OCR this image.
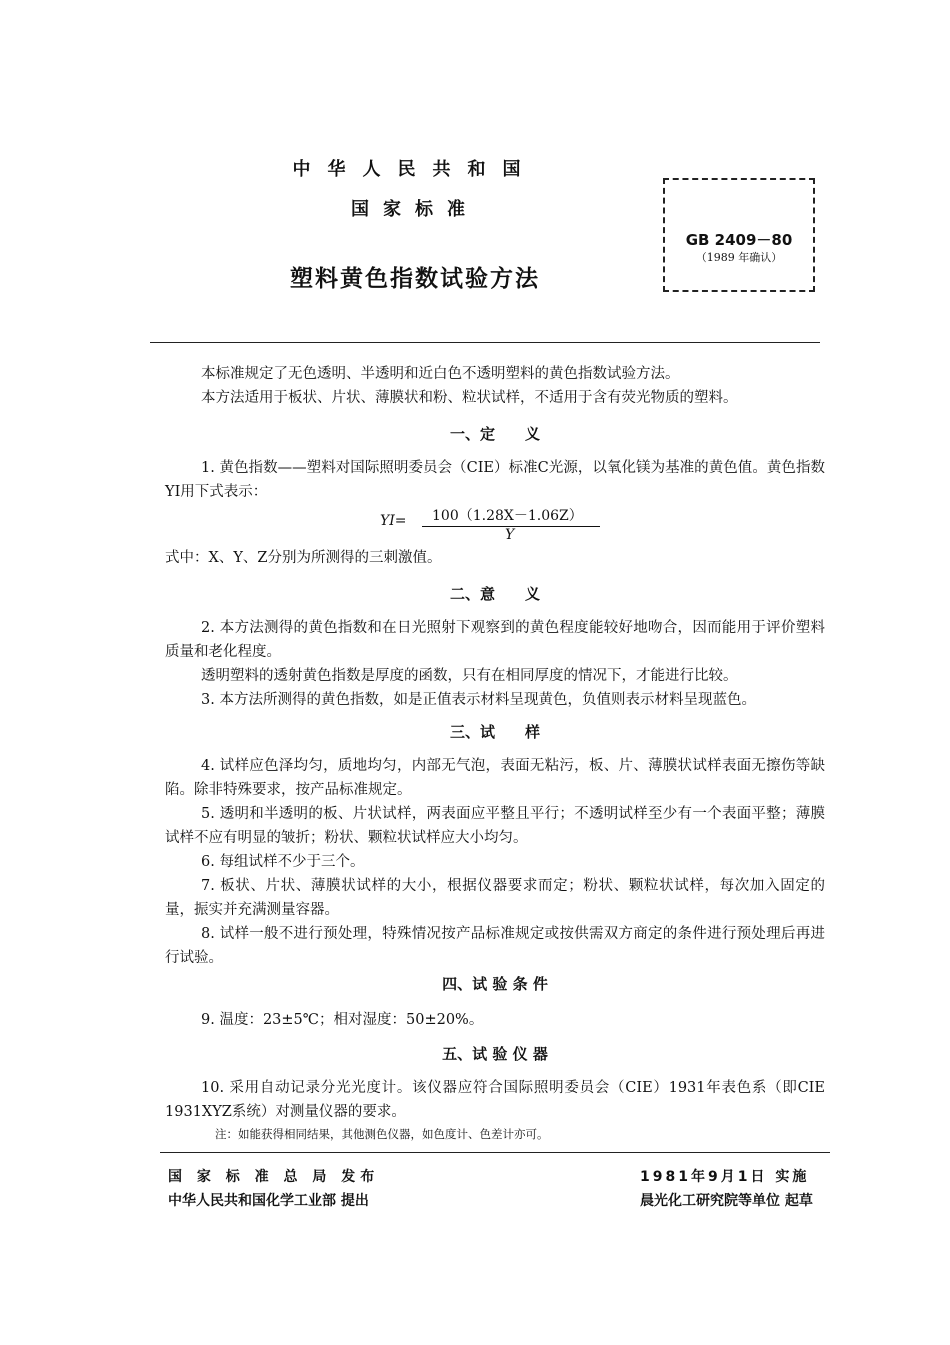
中华人民共和国
国家标准
塑料黄色指数试验方法
GB 2409－80
（1989 年确认）

本标准规定了无色透明、半透明和近白色不透明塑料的黄色指数试验方法。

本方法适用于板状、片状、薄膜状和粉、粒状试样，不适用于含有荧光物质的塑料。

一、定　　义

1. 黄色指数——塑料对国际照明委员会（CIE）标准C光源，以氧化镁为基准的黄色值。黄色指数YI用下式表示：

YI= 100（1.28X－1.06Z）
Y
式中：X、Y、Z分别为所测得的三刺激值。
二、意　　义

2. 本方法测得的黄色指数和在日光照射下观察到的黄色程度能较好地吻合，因而能用于评价塑料质量和老化程度。

透明塑料的透射黄色指数是厚度的函数，只有在相同厚度的情况下，才能进行比较。

3. 本方法所测得的黄色指数，如是正值表示材料呈现黄色，负值则表示材料呈现蓝色。

三、试　　样

4. 试样应色泽均匀，质地均匀，内部无气泡，表面无粘污，板、片、薄膜状试样表面无擦伤等缺陷。除非特殊要求，按产品标准规定。

5. 透明和半透明的板、片状试样，两表面应平整且平行；不透明试样至少有一个表面平整；薄膜试样不应有明显的皱折；粉状、颗粒状试样应大小均匀。

6. 每组试样不少于三个。

7. 板状、片状、薄膜状试样的大小，根据仪器要求而定；粉状、颗粒状试样，每次加入固定的量，振实并充满测量容器。

8. 试样一般不进行预处理，特殊情况按产品标准规定或按供需双方商定的条件进行预处理后再进行试验。

四、试 验 条 件

9. 温度：23±5℃；相对湿度：50±20%。

五、试 验 仪 器

10. 采用自动记录分光光度计。该仪器应符合国际照明委员会（CIE）1931年表色系（即CIE 1931XYZ系统）对测量仪器的要求。

注：如能获得相同结果，其他测色仪器，如色度计、色差计亦可。
国 家 标 准 总 局 发布
中华人民共和国化学工业部 提出
1981年9月1日 实施
晨光化工研究院等单位 起草
